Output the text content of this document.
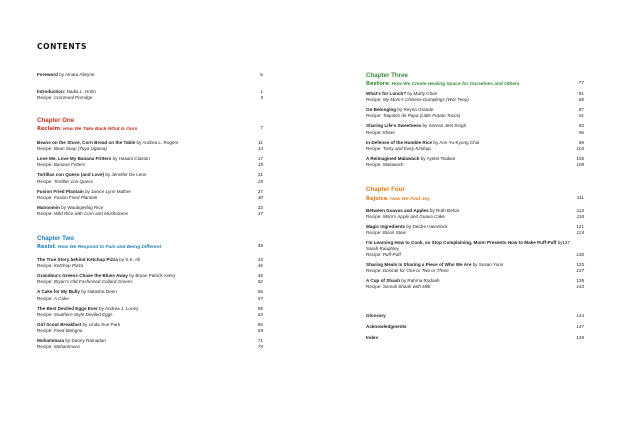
CONTENTS
Foreword by Ainara Alleyne	iv
Introduction: Nadia L. Hohn	1
Recipe: Cornmeal Porridge	5
Chapter One
Reclaim: How We Take Back What Is Ours	7
Beans on the Stove, Corn Bread on the Table by Andrea L. Rogers	11
Recipe: Bean Soup (Tuya Ugama)	14
Love Me, Love My Banana Fritters by Hasani Claxton	17
Recipe: Banana Fritters	19
Tortillas con Queso (and Love) by Jennifer De Leon	21
Recipe: Tortillas con Queso	25
Fusion Fried Plantain by Janice Lynn Mather	27
Recipe: Fusion Fried Plantain	30
Manoomin by Waubgeshig Rice	33
Recipe: Wild Rice with Corn and Mushrooms	37
Chapter Two
Resist: How We Respond to Pain and Being Different	39
The True Story behind Ketchup Pizza by S.K. Ali	43
Recipe: Ketchup Pizza	46
Grandma's Greens Chase the Blues Away by Bryan Patrick Avery	49
Recipe: Bryan's Old-Fashioned Collard Greens	52
A Cake for My Bully by Natasha Deen	55
Recipe: A Cake	57
The Best Deviled Eggs Ever by Andrea J. Loney	59
Recipe: Southern-Style Deviled Eggs	63
Girl Scout Breakfast by Linda Sue Park	65
Recipe: Fried Bologna	69
Muhammara by Danny Ramadan	71
Recipe: Muhammara	74
Chapter Three
Restore: How We Create Healing Space for Ourselves and Others	77
What's for Lunch? by Marty Chan	81
Recipe: My Mom's Chinese Dumplings (Wor Teep)	85
On Belonging by Reyna Grande	87
Recipe: Taquitos de Papa (Little Potato Tacos)	91
Sharing Life's Sweetness by Simran Jeet Singh	93
Recipe: Kheer	96
In Defense of the Humble Rice by Ann Yu-Kyung Choi	99
Recipe: Tasty and Easy Kimbap	103
A Reimagined Malawach by Ayelet Tsabari	105
Recipe: Malawach	108
Chapter Four
Rejoice: How We Find Joy	111
Between Guavas and Apples by Ruth Behar	113
Recipe: Mom's Apple and Guava Cake	118
Magic Ingredients by Deidre Havrelock	121
Recipe: Bison Stew	124
I'm Learning How to Cook, so Stop Complaining, Mom! Presents How to Make Puff-Puff by Sarah Raughley
127
Recipe: Puff-Puff	130
Sharing Meals Is Sharing a Piece of Who We Are by Susan Yoon	133
Recipe: Dosirak for One or Two or Three	137
A Cup of Shaah by Rahma Rodaah	139
Recipe: Somali Shaah with Milk	143
Glossary	144
Acknowledgments	147
Index	149
